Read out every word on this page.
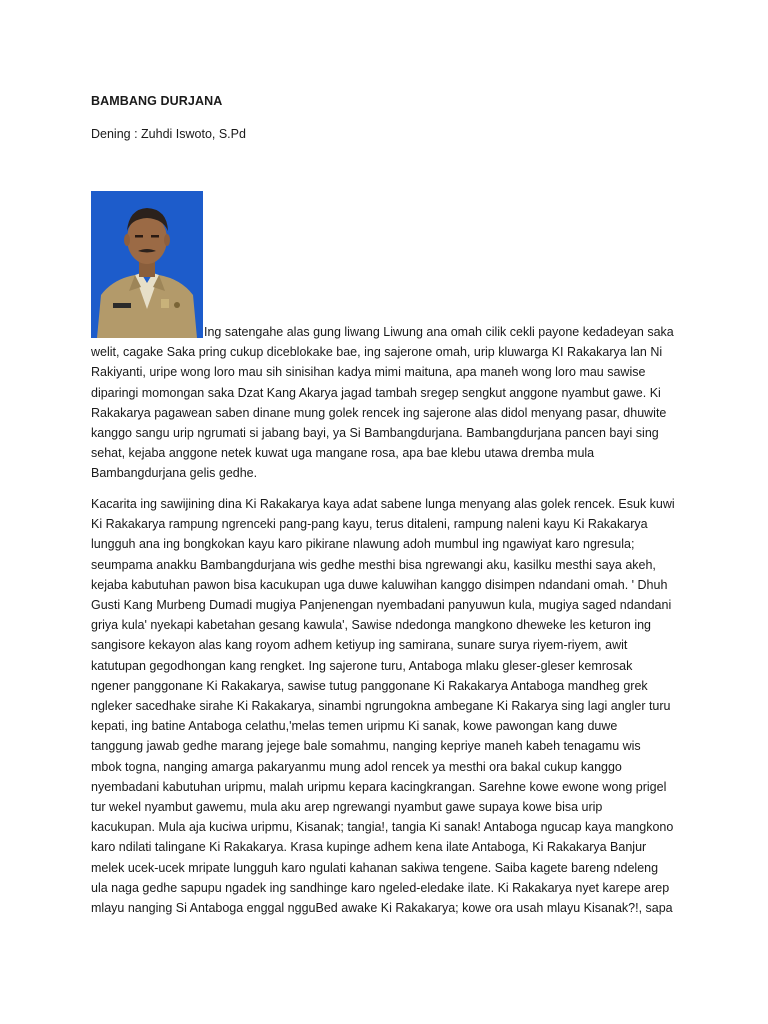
BAMBANG DURJANA
Dening : Zuhdi Iswoto, S.Pd
Ing satengahe alas gung liwang Liwung ana omah cilik cekli payone kedadeyan saka
welit, cagake Saka pring cukup diceblokake bae, ing sajerone omah, urip kluwarga KI Rakakarya lan Ni
Rakiyanti, uripe wong loro mau sih sinisihan kadya mimi maituna, apa maneh wong loro mau sawise
diparingi momongan saka Dzat Kang Akarya jagad tambah sregep sengkut anggone nyambut gawe. Ki
Rakakarya pagawean saben dinane mung golek rencek ing sajerone alas didol menyang pasar, dhuwite
kanggo sangu urip ngrumati si jabang bayi, ya Si Bambangdurjana. Bambangdurjana pancen bayi sing
sehat, kejaba anggone netek kuwat uga mangane rosa, apa bae klebu utawa dremba mula
Bambangdurjana gelis gedhe.
Kacarita ing sawijining dina Ki Rakakarya kaya adat sabene lunga menyang alas golek rencek. Esuk kuwi
Ki Rakakarya rampung ngrenceki pang-pang kayu, terus ditaleni, rampung naleni kayu Ki Rakakarya
lungguh ana ing bongkokan kayu karo pikirane nlawung adoh mumbul ing ngawiyat karo ngresula;
seumpama anakku Bambangdurjana wis gedhe mesthi bisa ngrewangi aku, kasilku mesthi saya akeh,
kejaba kabutuhan pawon bisa kacukupan uga duwe kaluwihan kanggo disimpen ndandani omah. ' Dhuh
Gusti Kang Murbeng Dumadi mugiya Panjenengan nyembadani panyuwun kula, mugiya saged ndandani
griya kula' nyekapi kabetahan gesang kawula', Sawise ndedonga mangkono dheweke les keturon ing
sangisore kekayon alas kang royom adhem ketiyup ing samirana, sunare surya riyem-riyem, awit
katutupan gegodhongan kang rengket. Ing sajerone turu, Antaboga mlaku gleser-gleser kemrosak
ngener panggonane Ki Rakakarya, sawise tutug panggonane Ki Rakakarya Antaboga mandheg grek
ngleker sacedhake sirahe Ki Rakakarya, sinambi ngrungokna ambegane Ki Rakarya sing lagi angler turu
kepati, ing batine Antaboga celathu,'melas temen uripmu Ki sanak, kowe pawongan kang duwe
tanggung jawab gedhe marang jejege bale somahmu, nanging kepriye maneh kabeh tenagamu wis
mbok togna, nanging amarga pakaryanmu mung adol rencek ya mesthi ora bakal cukup kanggo
nyembadani kabutuhan uripmu, malah uripmu kepara kacingkrangan. Sarehne kowe ewone wong prigel
tur wekel nyambut gawemu, mula aku arep ngrewangi nyambut gawe supaya kowe bisa urip
kacukupan. Mula aja kuciwa uripmu, Kisanak; tangia!, tangia Ki sanak! Antaboga ngucap kaya mangkono
karo ndilati talingane Ki Rakakarya. Krasa kupinge adhem kena ilate Antaboga, Ki Rakakarya Banjur
melek ucek-ucek mripate lungguh karo ngulati kahanan sakiwa tengene. Saiba kagete bareng ndeleng
ula naga gedhe sapupu ngadek ing sandhinge karo ngeled-eledake ilate. Ki Rakakarya nyet karepe arep
mlayu nanging Si Antaboga enggal ngguBed awake Ki Rakakarya; kowe ora usah mlayu Kisanak?!, sapa
